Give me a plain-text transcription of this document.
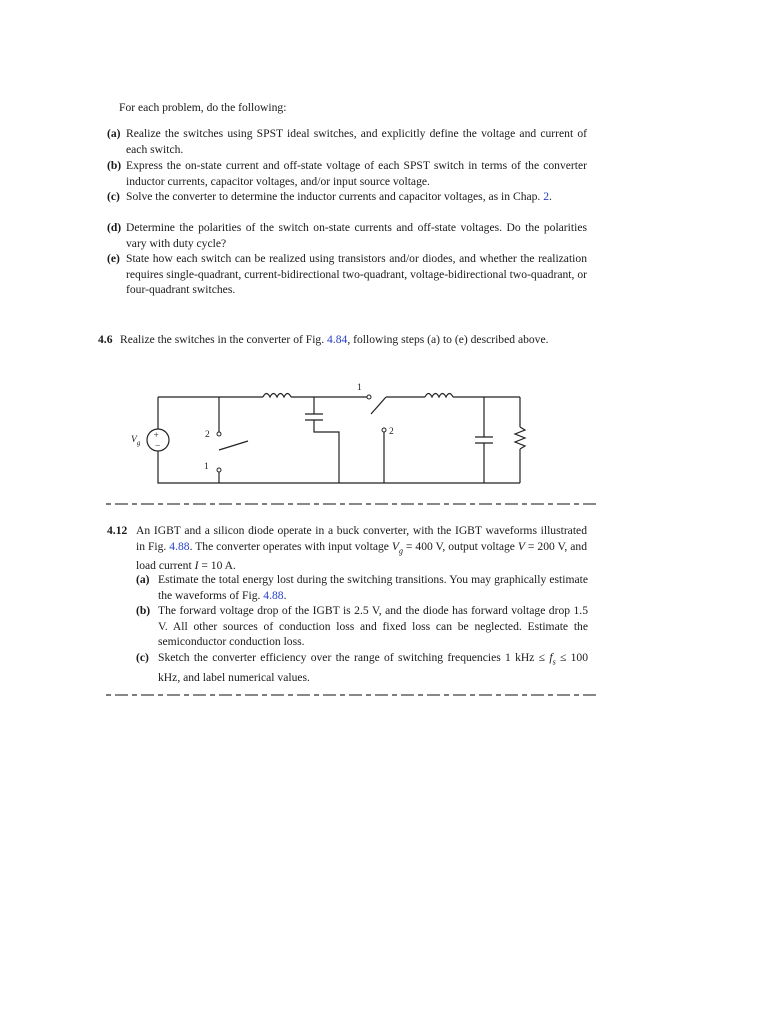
For each problem, do the following:
(a) Realize the switches using SPST ideal switches, and explicitly define the voltage and current of each switch.
(b) Express the on-state current and off-state voltage of each SPST switch in terms of the converter inductor currents, capacitor voltages, and/or input source voltage.
(c) Solve the converter to determine the inductor currents and capacitor voltages, as in Chap. 2.
(d) Determine the polarities of the switch on-state currents and off-state voltages. Do the polarities vary with duty cycle?
(e) State how each switch can be realized using transistors and/or diodes, and whether the realization requires single-quadrant, current-bidirectional two-quadrant, voltage-bidirectional two-quadrant, or four-quadrant switches.
4.6 Realize the switches in the converter of Fig. 4.84, following steps (a) to (e) described above.
+
−
$V_g$
2
1
1
2
4.12 An IGBT and a silicon diode operate in a buck converter, with the IGBT waveforms illustrated in Fig. 4.88. The converter operates with input voltage $V_g = 400$ V, output voltage V = 200 V, and load current I = 10 A.
(a) Estimate the total energy lost during the switching transitions. You may graphically estimate the waveforms of Fig. 4.88.
(b) The forward voltage drop of the IGBT is 2.5 V, and the diode has forward voltage drop 1.5 V. All other sources of conduction loss and fixed loss can be neglected. Estimate the semiconductor conduction loss.
(c) Sketch the converter efficiency over the range of switching frequencies 1 kHz ≤ $f_s \le 100$ kHz, and label numerical values.
